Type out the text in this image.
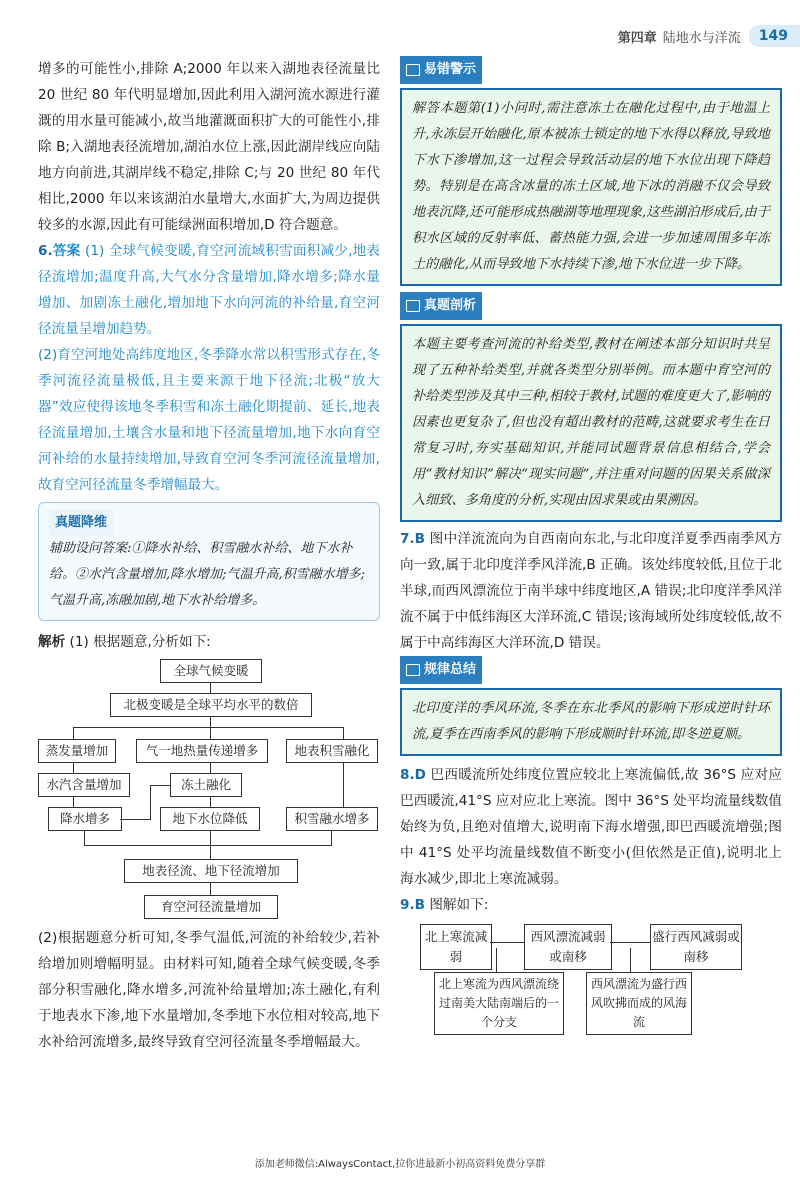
第四章 陆地水与洋流	149

增多的可能性小,排除 A;2000 年以来入湖地表径流量比 20 世纪 80 年代明显增加,因此利用入湖河流水源进行灌溉的用水量可能减小,故当地灌溉面积扩大的可能性小,排除 B;入湖地表径流增加,湖泊水位上涨,因此湖岸线应向陆地方向前进,其湖岸线不稳定,排除 C;与 20 世纪 80 年代相比,2000 年以来该湖泊水量增大,水面扩大,为周边提供较多的水源,因此有可能绿洲面积增加,D 符合题意。

6.答案 (1) 全球气候变暖,育空河流域积雪面积减少,地表径流增加;温度升高,大气水分含量增加,降水增多;降水量增加、加剧冻土融化,增加地下水向河流的补给量,育空河径流量呈增加趋势。

(2)育空河地处高纬度地区,冬季降水常以积雪形式存在,冬季河流径流量极低,且主要来源于地下径流;北极“放大器”效应使得该地冬季积雪和冻土融化期提前、延长,地表径流量增加,土壤含水量和地下径流量增加,地下水向育空河补给的水量持续增加,导致育空河冬季河流径流量增加,故育空河径流量冬季增幅最大。

真题降维
辅助设问答案:①降水补给、积雪融水补给、地下水补给。②水汽含量增加,降水增加;气温升高,积雪融水增多;气温升高,冻融加剧,地下水补给增多。

解析 (1) 根据题意,分析如下:

全球气候变暖
北极变暖是全球平均水平的数倍
蒸发量增加	气一地热量传递增多	地表积雪融化
水汽含量增加	冻土融化
降水增多	地下水位降低	积雪融水增多
地表径流、地下径流增加
育空河径流量增加

(2)根据题意分析可知,冬季气温低,河流的补给较少,若补给增加则增幅明显。由材料可知,随着全球气候变暖,冬季部分积雪融化,降水增多,河流补给量增加;冻土融化,有利于地表水下渗,地下水量增加,冬季地下水位相对较高,地下水补给河流增多,最终导致育空河径流量冬季增幅最大。

易错警示
解答本题第(1)小问时,需注意冻土在融化过程中,由于地温上升,永冻层开始融化,原本被冻土锁定的地下水得以释放,导致地下水下渗增加,这一过程会导致活动层的地下水位出现下降趋势。特别是在高含冰量的冻土区域,地下冰的消融不仅会导致地表沉降,还可能形成热融湖等地理现象,这些湖泊形成后,由于积水区域的反射率低、蓄热能力强,会进一步加速周围多年冻土的融化,从而导致地下水持续下渗,地下水位进一步下降。
真题剖析
本题主要考查河流的补给类型,教材在阐述本部分知识时共呈现了五种补给类型,并就各类型分别举例。而本题中育空河的补给类型涉及其中三种,相较于教材,试题的难度更大了,影响的因素也更复杂了,但也没有超出教材的范畴,这就要求考生在日常复习时,夯实基础知识,并能同试题背景信息相结合,学会用“教材知识”解决“现实问题”,并注重对问题的因果关系做深入细致、多角度的分析,实现由因求果或由果溯因。

7.B 图中洋流流向为自西南向东北,与北印度洋夏季西南季风方向一致,属于北印度洋季风洋流,B 正确。该处纬度较低,且位于北半球,而西风漂流位于南半球中纬度地区,A 错误;北印度洋季风洋流不属于中低纬海区大洋环流,C 错误;该海域所处纬度较低,故不属于中高纬海区大洋环流,D 错误。

规律总结
北印度洋的季风环流,冬季在东北季风的影响下形成逆时针环流,夏季在西南季风的影响下形成顺时针环流,即冬逆夏顺。

8.D 巴西暖流所处纬度位置应较北上寒流偏低,故 36°S 应对应巴西暖流,41°S 应对应北上寒流。图中 36°S 处平均流量线数值始终为负,且绝对值增大,说明南下海水增强,即巴西暖流增强;图中 41°S 处平均流量线数值不断变小(但依然是正值),说明北上海水减少,即北上寒流减弱。

9.B 图解如下:

北上寒流减弱
西风漂流减弱或南移
盛行西风减弱或南移
北上寒流为西风漂流绕过南美大陆南端后的一个分支
西风漂流为盛行西风吹拂而成的风海流
添加老师微信:AlwaysContact,拉你进最新小初高资料免费分享群
